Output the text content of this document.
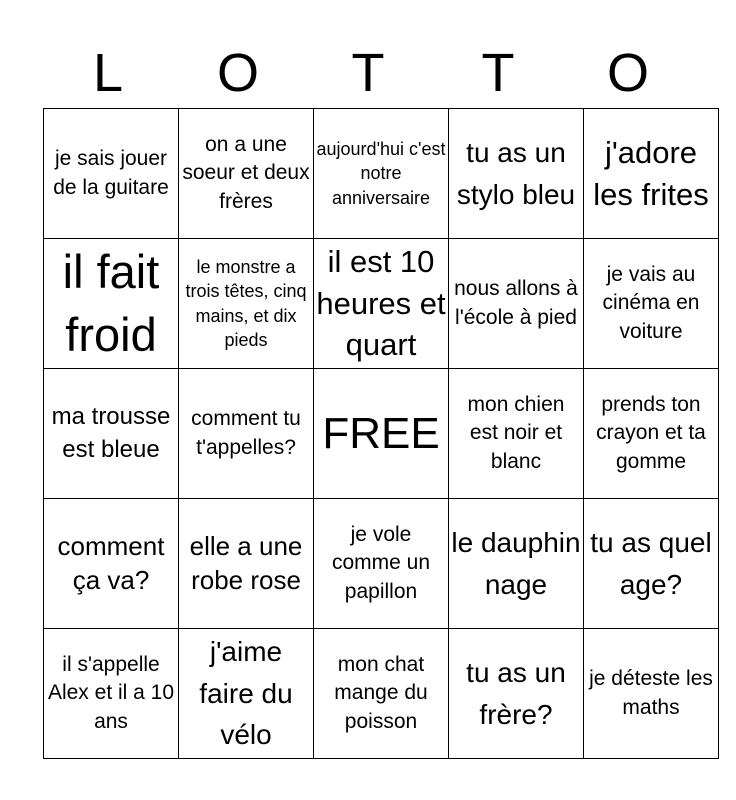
L	O	T	T	O
je sais jouer de la guitare	on a une soeur et deux frères	aujourd'hui c'est notre anniversaire	tu as un stylo bleu	j'adore les frites
il fait froid	le monstre a trois têtes, cinq mains, et dix pieds	il est 10 heures et quart	nous allons à l'école à pied	je vais au cinéma en voiture
ma trousse est bleue	comment tu t'appelles?	FREE	mon chien est noir et blanc	prends ton crayon et ta gomme
comment ça va?	elle a une robe rose	je vole comme un papillon	le dauphin nage	tu as quel age?
il s'appelle Alex et il a 10 ans	j'aime faire du vélo	mon chat mange du poisson	tu as un frère?	je déteste les maths
